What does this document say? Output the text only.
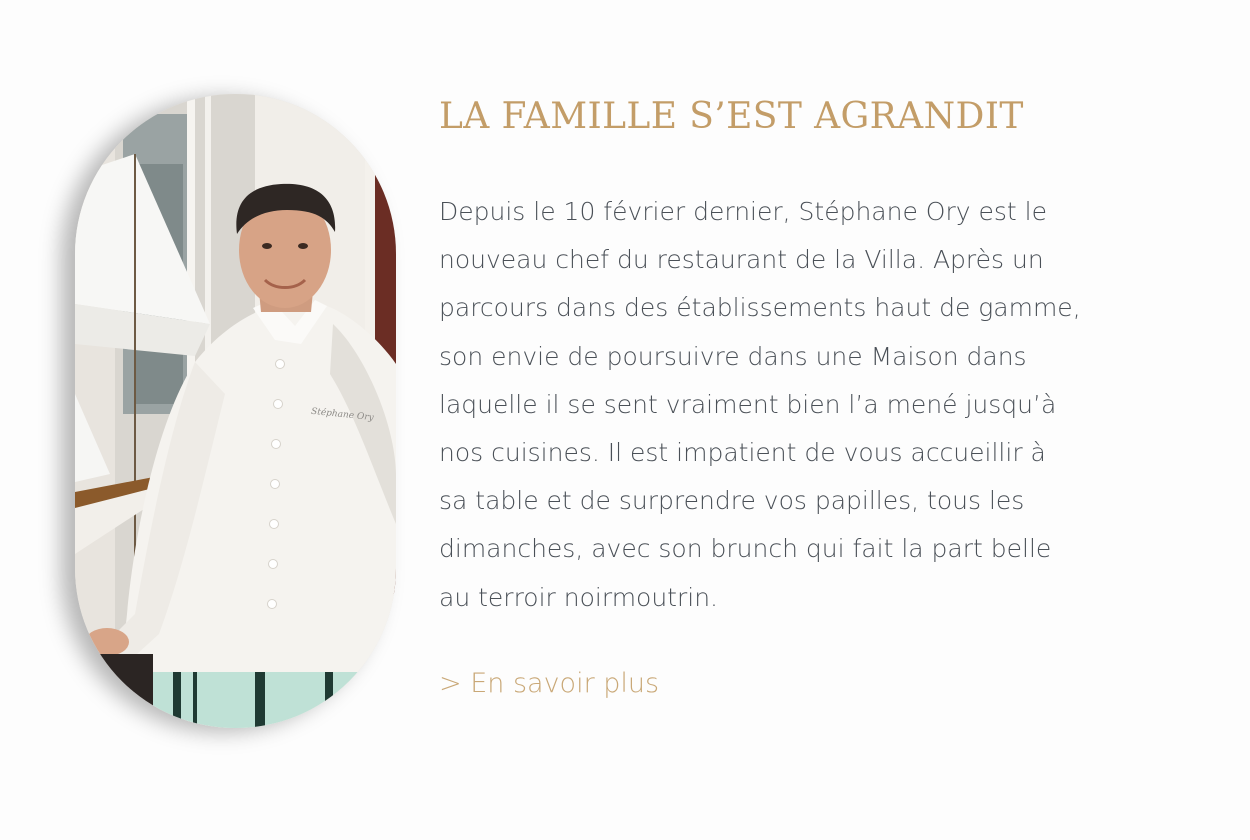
Stéphane Ory
LA FAMILLE S’EST AGRANDIT

Depuis le 10 février dernier, Stéphane Ory est le
nouveau chef du restaurant de la Villa. Après un
parcours dans des établissements haut de gamme,
son envie de poursuivre dans une Maison dans
laquelle il se sent vraiment bien l’a mené jusqu’à
nos cuisines. Il est impatient de vous accueillir à
sa table et de surprendre vos papilles, tous les
dimanches, avec son brunch qui fait la part belle
au terroir noirmoutrin.

> En savoir plus
